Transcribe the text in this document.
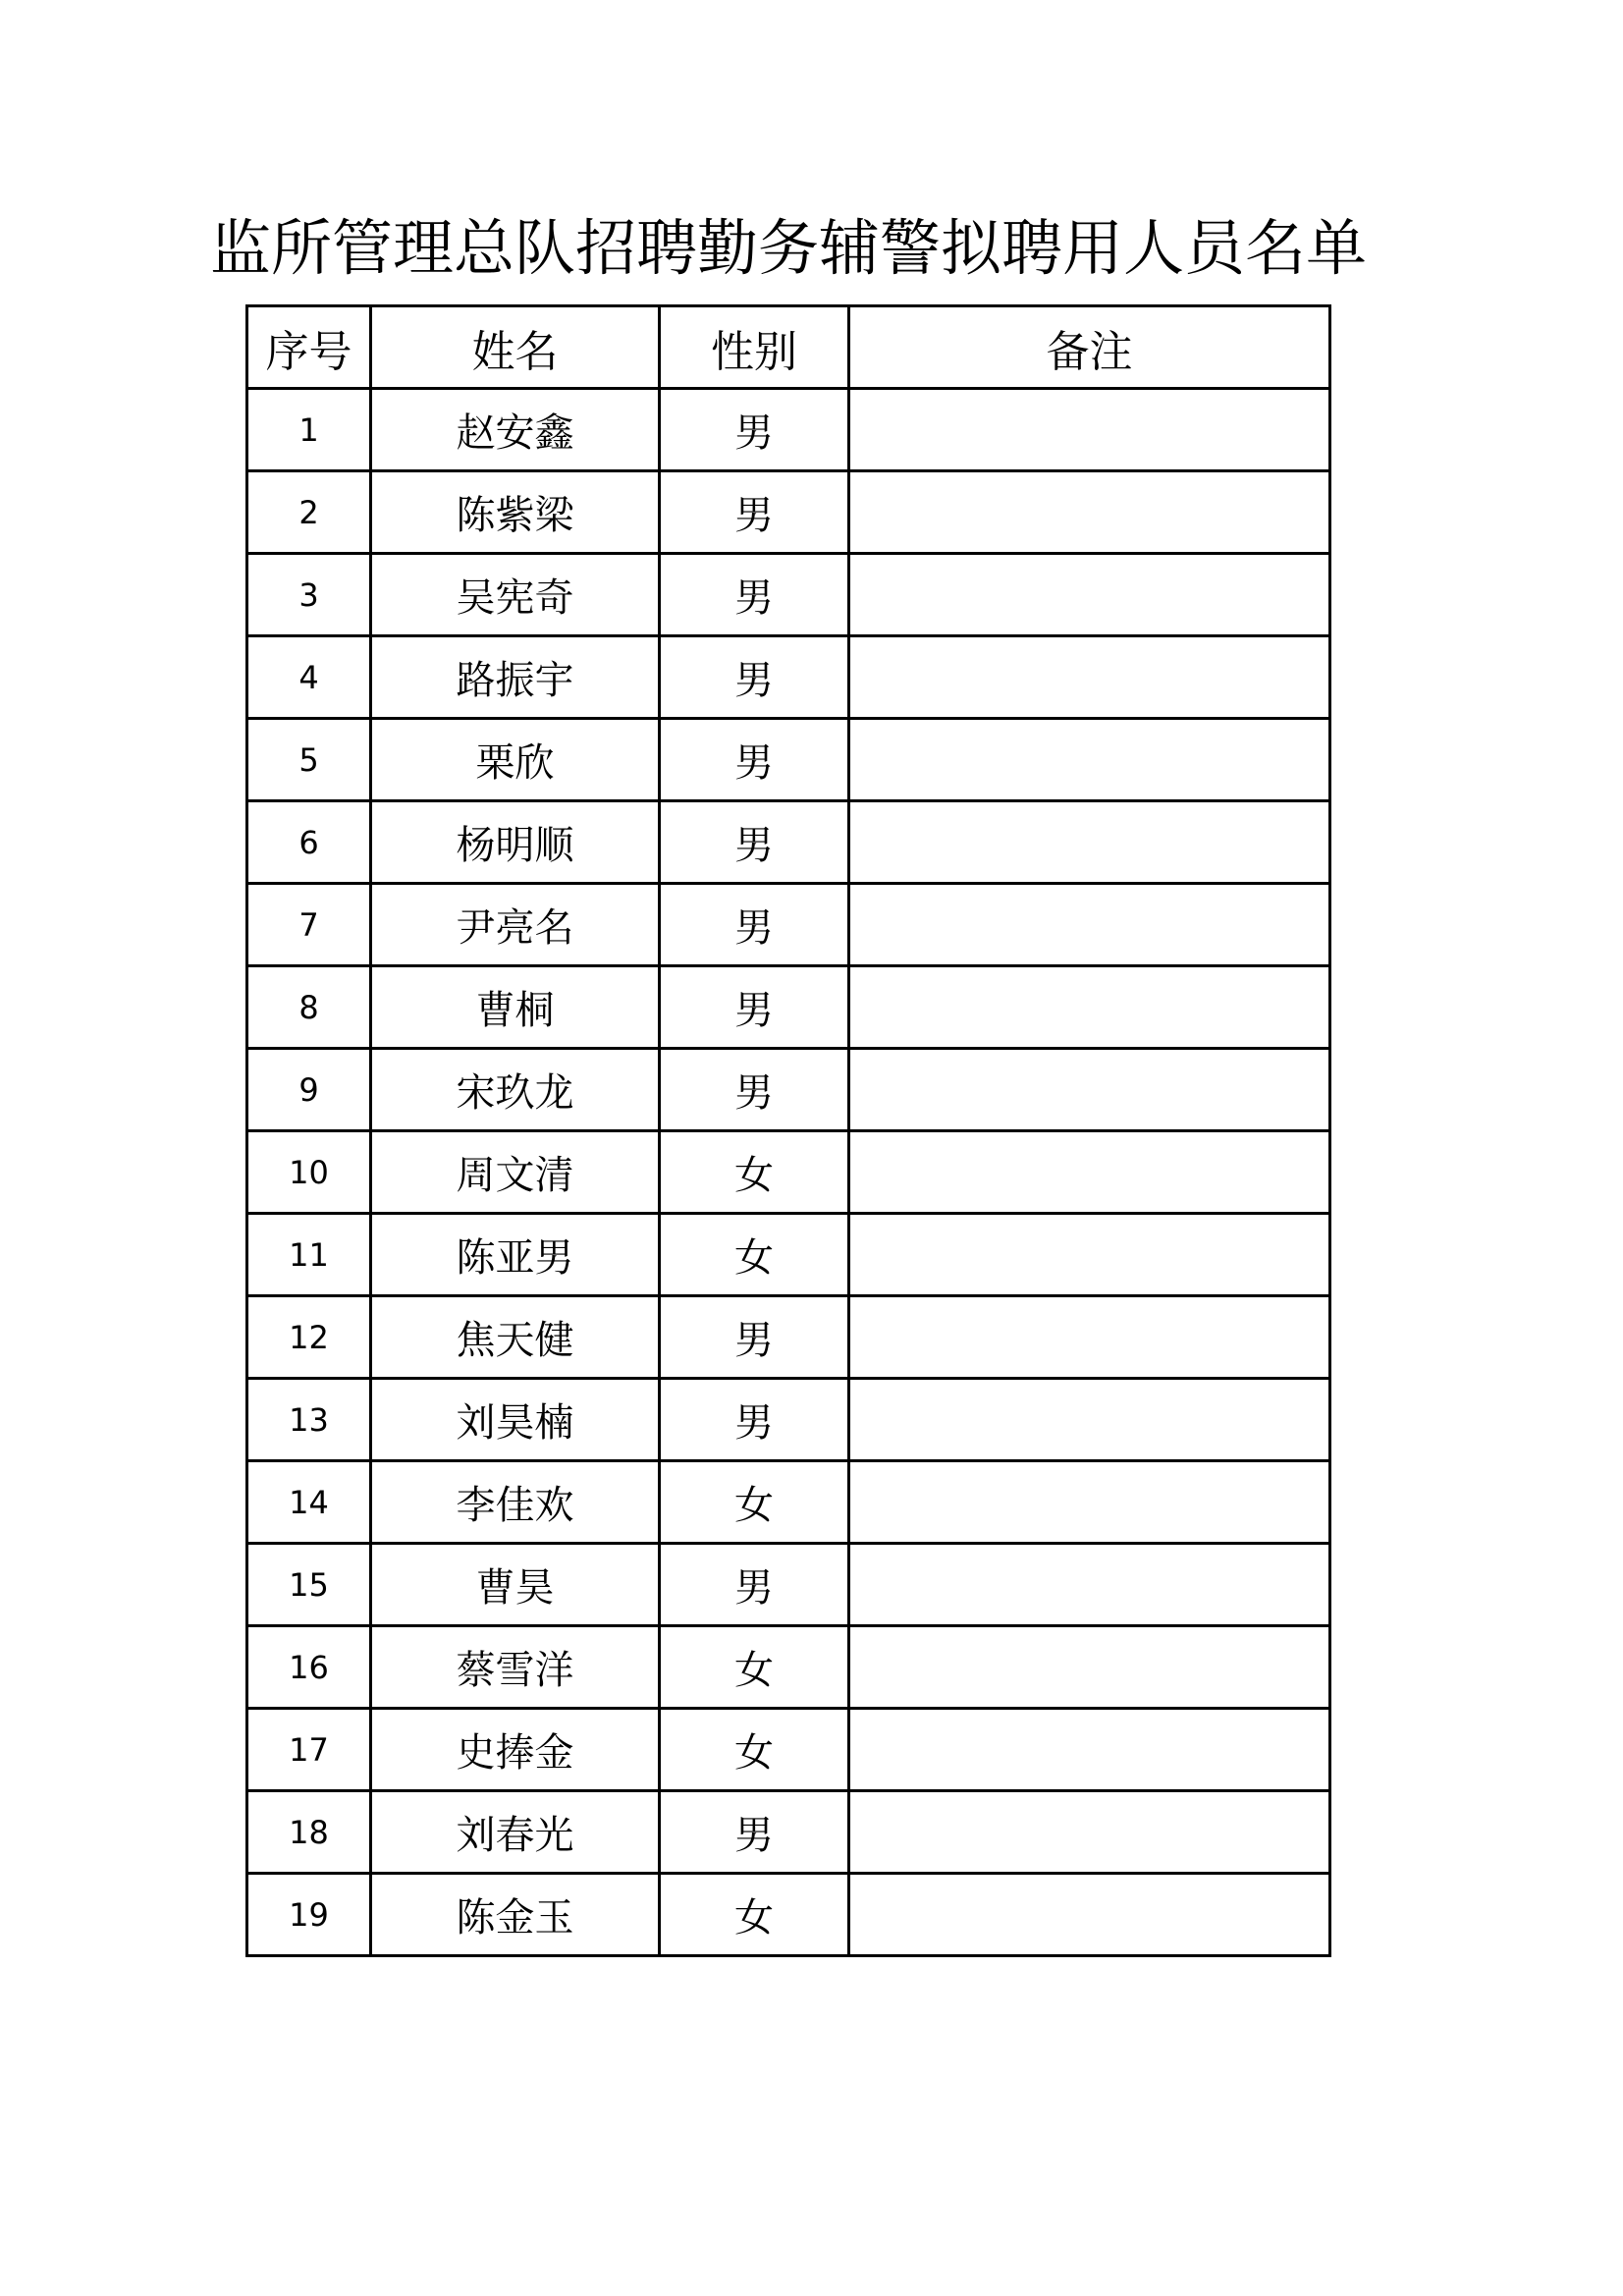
监所管理总队招聘勤务辅警拟聘用人员名单
序号	姓名	性别	备注
1	赵安鑫	男	
2	陈紫梁	男	
3	吴宪奇	男	
4	路振宇	男	
5	栗欣	男	
6	杨明顺	男	
7	尹亮名	男	
8	曹桐	男	
9	宋玖龙	男	
10	周文清	女	
11	陈亚男	女	
12	焦天健	男	
13	刘昊楠	男	
14	李佳欢	女	
15	曹昊	男	
16	蔡雪洋	女	
17	史捧金	女	
18	刘春光	男	
19	陈金玉	女	
